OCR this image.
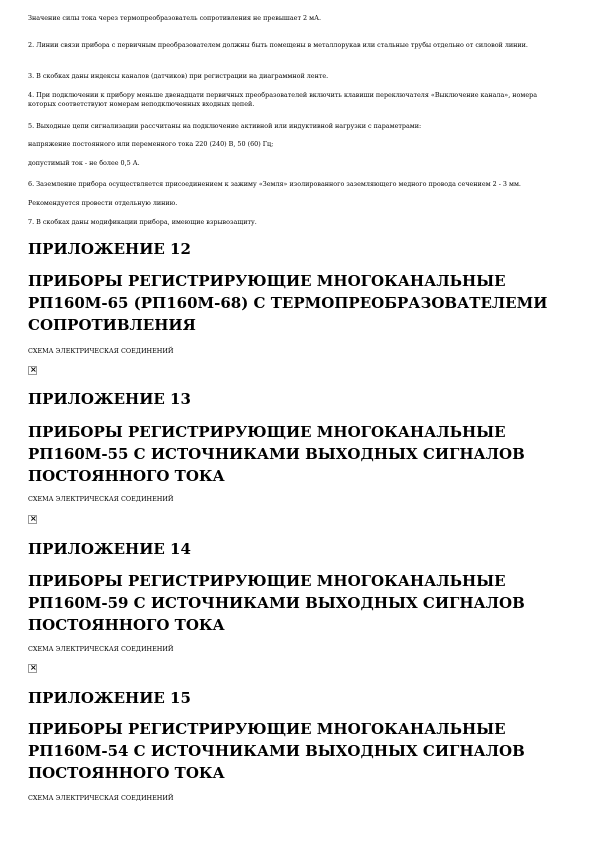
Значение силы тока через термопреобразователь сопротивления не превышает 2 мА.

2. Линии связи прибора с первичным преобразователем должны быть помещены в металлорукав или стальные трубы отдельно от силовой линии.

3. В скобках даны индексы каналов (датчиков) при регистрации на диаграммной ленте.

4. При подключении к прибору меньше двенадцати первичных преобразователей включить клавиши переключателя «Выключение канала», номера которых соответствуют номерам неподключенных входных цепей.

5. Выходные цепи сигнализации рассчитаны на подключение активной или индуктивной нагрузки с параметрами:

напряжение постоянного или переменного тока 220 (240) В, 50 (60) Гц;

допустимый ток - не более 0,5 А.

6. Заземление прибора осуществляется присоединением к зажиму «Земля» изолированного заземляющего медного провода сечением 2 - 3 мм.

Рекомендуется провести отдельную линию.

7. В скобках даны модификации прибора, имеющие взрывозащиту.

ПРИЛОЖЕНИЕ 12
ПРИБОРЫ РЕГИСТРИРУЮЩИЕ МНОГОКАНАЛЬНЫЕ РП160М-65 (РП160М-68) С ТЕРМОПРЕОБРАЗОВАТЕЛЕМИ СОПРОТИВЛЕНИЯ

СХЕМА ЭЛЕКТРИЧЕСКАЯ СОЕДИНЕНИЙ

×
ПРИЛОЖЕНИЕ 13
ПРИБОРЫ РЕГИСТРИРУЮЩИЕ МНОГОКАНАЛЬНЫЕ РП160М-55 С ИСТОЧНИКАМИ ВЫХОДНЫХ СИГНАЛОВ ПОСТОЯННОГО ТОКА

СХЕМА ЭЛЕКТРИЧЕСКАЯ СОЕДИНЕНИЙ

×
ПРИЛОЖЕНИЕ 14
ПРИБОРЫ РЕГИСТРИРУЮЩИЕ МНОГОКАНАЛЬНЫЕ РП160М-59 С ИСТОЧНИКАМИ ВЫХОДНЫХ СИГНАЛОВ ПОСТОЯННОГО ТОКА

СХЕМА ЭЛЕКТРИЧЕСКАЯ СОЕДИНЕНИЙ

×
ПРИЛОЖЕНИЕ 15
ПРИБОРЫ РЕГИСТРИРУЮЩИЕ МНОГОКАНАЛЬНЫЕ РП160М-54 С ИСТОЧНИКАМИ ВЫХОДНЫХ СИГНАЛОВ ПОСТОЯННОГО ТОКА

СХЕМА ЭЛЕКТРИЧЕСКАЯ СОЕДИНЕНИЙ
